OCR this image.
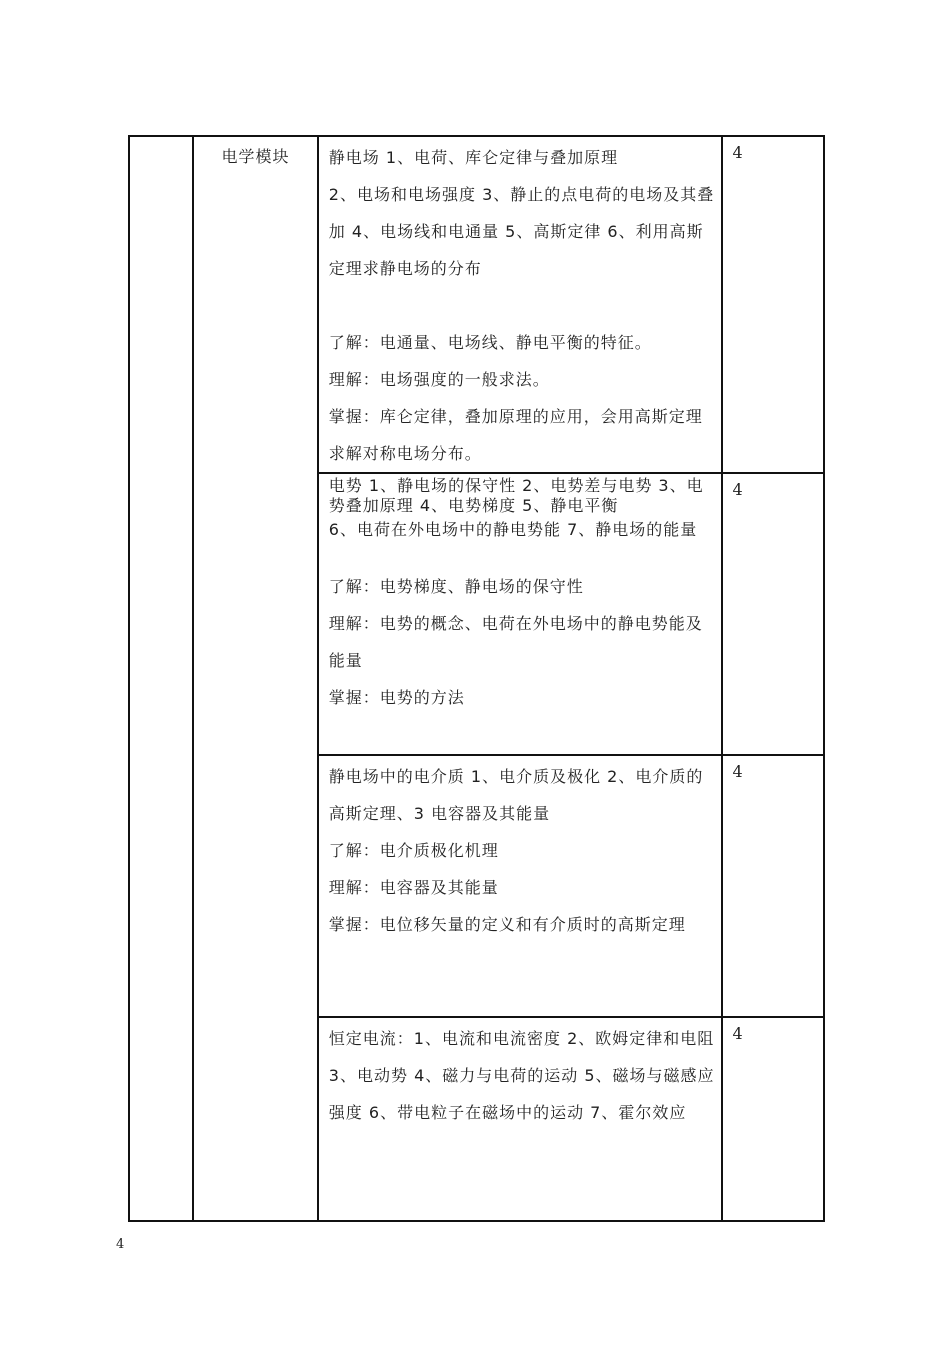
	电学模块	静电场 1、电荷、库仑定律与叠加原理

2、电场和电场强度 3、静止的点电荷的电场及其叠加 4、电场线和电通量 5、高斯定律 6、利用高斯定理求静电场的分布

了解：电通量、电场线、静电平衡的特征。

理解：电场强度的一般求法。

掌握：库仑定律，叠加原理的应用，会用高斯定理求解对称电场分布。	4

		电势 1、静电场的保守性 2、电势差与电势 3、电势叠加原理 4、电势梯度 5、静电平衡

6、电荷在外电场中的静电势能 7、静电场的能量

了解：电势梯度、静电场的保守性

理解：电势的概念、电荷在外电场中的静电势能及能量

掌握：电势的方法	4

		静电场中的电介质 1、电介质及极化 2、电介质的高斯定理、3 电容器及其能量

了解：电介质极化机理

理解：电容器及其能量

掌握：电位移矢量的定义和有介质时的高斯定理	4

		恒定电流：1、电流和电流密度 2、欧姆定律和电阻

3、电动势 4、磁力与电荷的运动 5、磁场与磁感应强度 6、带电粒子在磁场中的运动 7、霍尔效应	4
4
